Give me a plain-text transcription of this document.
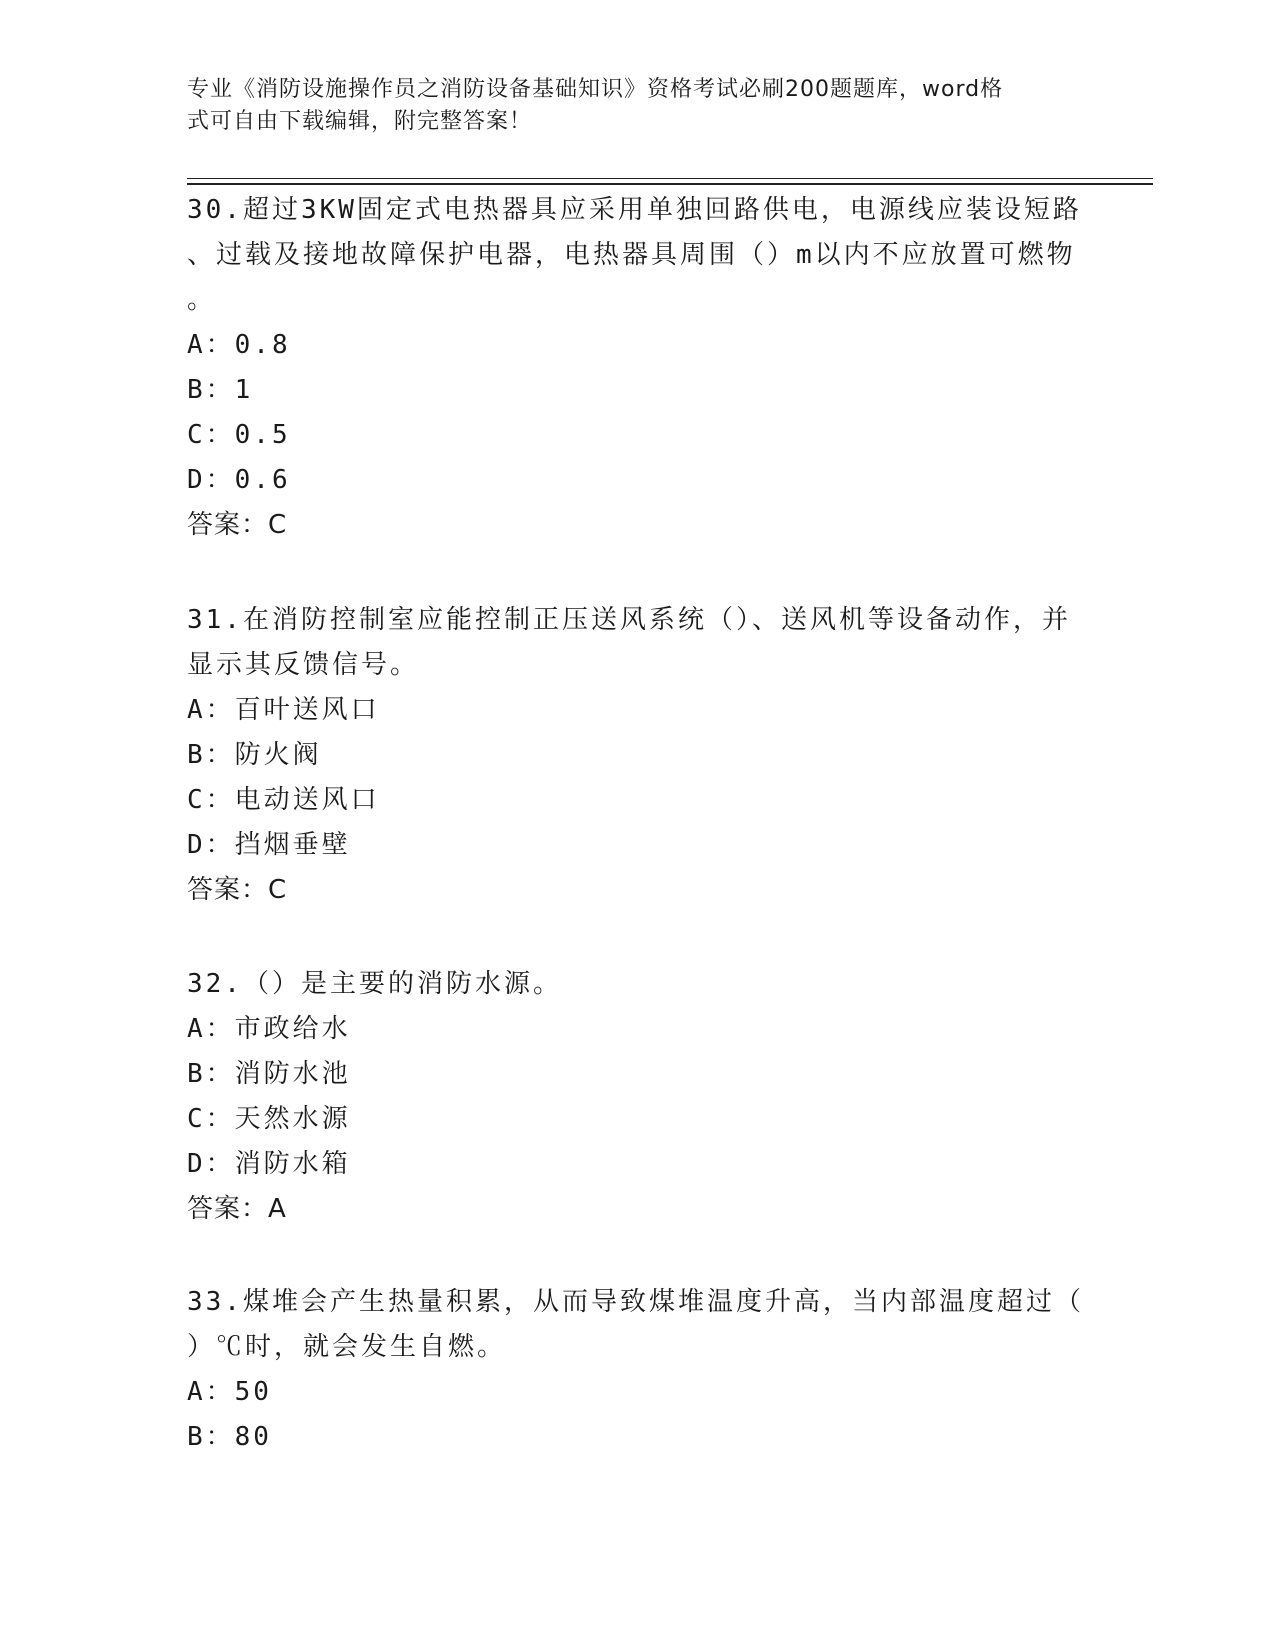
专业《消防设施操作员之消防设备基础知识》资格考试必刷200题题库，word格
式可自由下载编辑，附完整答案！
30.超过3KW固定式电热器具应采用单独回路供电，电源线应装设短路
、过载及接地故障保护电器，电热器具周围（）m以内不应放置可燃物
。
A：0.8
B：1
C：0.5
D：0.6
答案：C
31.在消防控制室应能控制正压送风系统（）、送风机等设备动作，并
显示其反馈信号。
A：百叶送风口
B：防火阀
C：电动送风口
D：挡烟垂壁
答案：C
32.（）是主要的消防水源。
A：市政给水
B：消防水池
C：天然水源
D：消防水箱
答案：A
33.煤堆会产生热量积累，从而导致煤堆温度升高，当内部温度超过（
）℃时，就会发生自燃。
A：50
B：80
